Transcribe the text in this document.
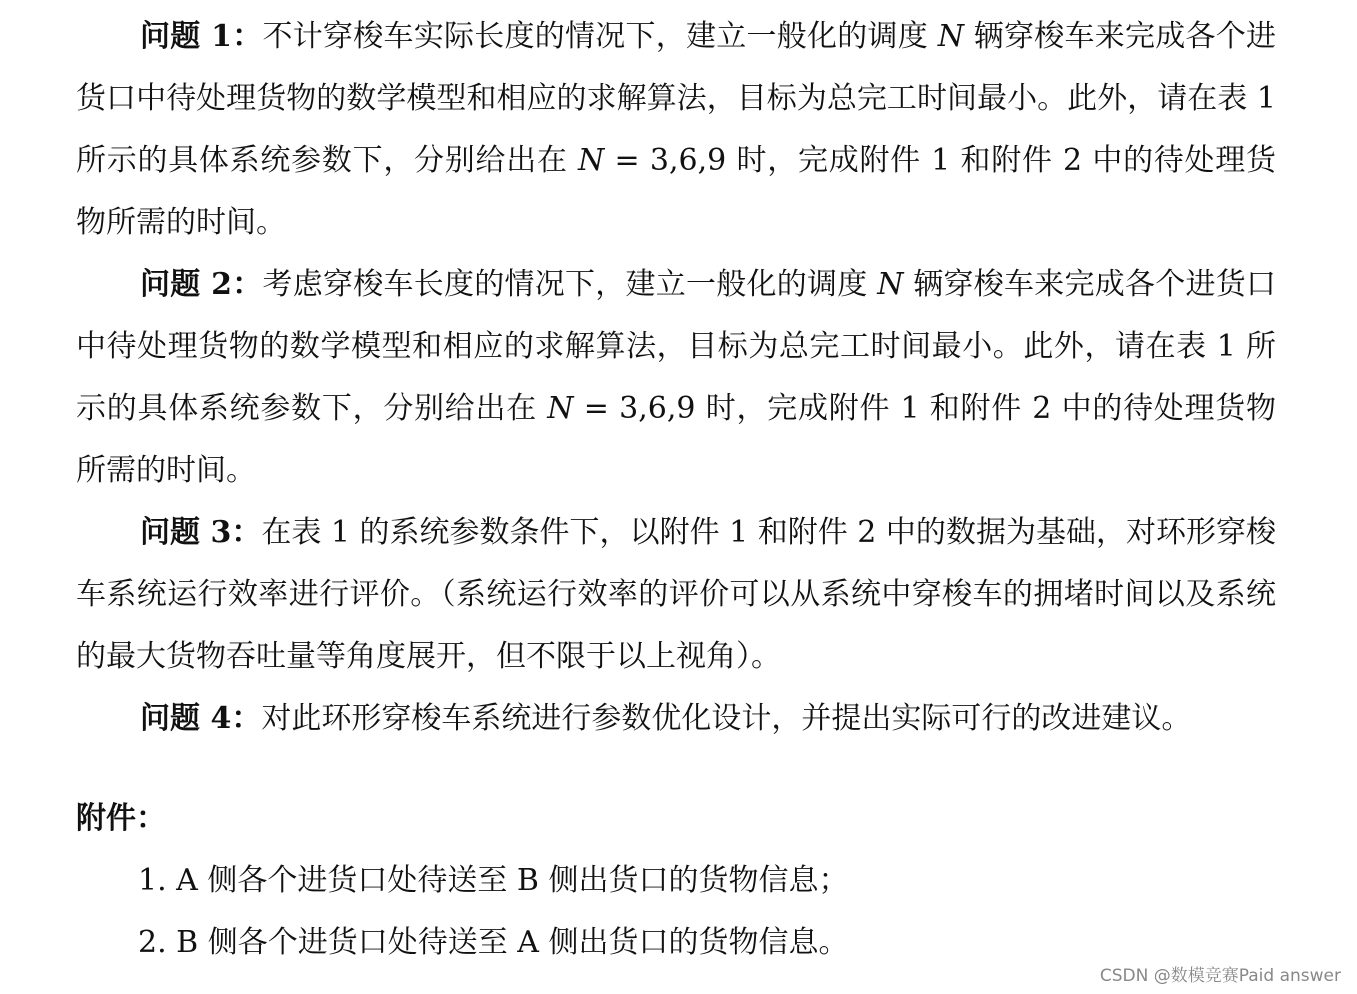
问题 1：不计穿梭车实际长度的情况下，建立一般化的调度 N 辆穿梭车来完成各个进货口中待处理货物的数学模型和相应的求解算法，目标为总完工时间最小。此外，请在表 1 所示的具体系统参数下，分别给出在 N = 3,6,9 时，完成附件 1 和附件 2 中的待处理货物所需的时间。

问题 2：考虑穿梭车长度的情况下，建立一般化的调度 N 辆穿梭车来完成各个进货口中待处理货物的数学模型和相应的求解算法，目标为总完工时间最小。此外，请在表 1 所示的具体系统参数下，分别给出在 N = 3,6,9 时，完成附件 1 和附件 2 中的待处理货物所需的时间。

问题 3：在表 1 的系统参数条件下，以附件 1 和附件 2 中的数据为基础，对环形穿梭车系统运行效率进行评价。（系统运行效率的评价可以从系统中穿梭车的拥堵时间以及系统的最大货物吞吐量等角度展开，但不限于以上视角）。

问题 4：对此环形穿梭车系统进行参数优化设计，并提出实际可行的改进建议。

附件：

1. A 侧各个进货口处待送至 B 侧出货口的货物信息；
2. B 侧各个进货口处待送至 A 侧出货口的货物信息。
CSDN @数模竞赛Paid answer
